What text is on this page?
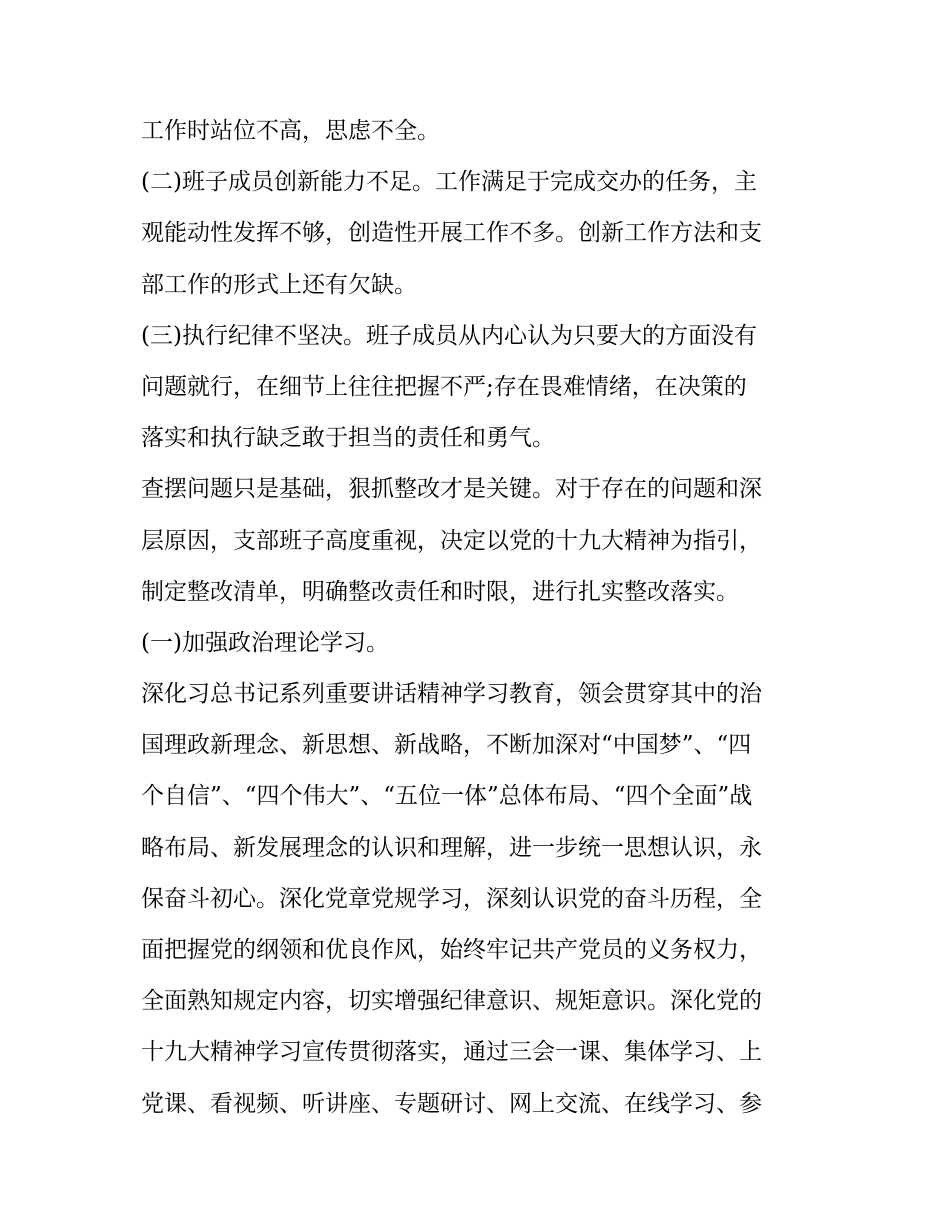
工作时站位不高，思虑不全。
(二)班子成员创新能力不足。工作满足于完成交办的任务，主
观能动性发挥不够，创造性开展工作不多。创新工作方法和支
部工作的形式上还有欠缺。
(三)执行纪律不坚决。班子成员从内心认为只要大的方面没有
问题就行，在细节上往往把握不严;存在畏难情绪，在决策的
落实和执行缺乏敢于担当的责任和勇气。
查摆问题只是基础，狠抓整改才是关键。对于存在的问题和深
层原因，支部班子高度重视，决定以党的十九大精神为指引，
制定整改清单，明确整改责任和时限，进行扎实整改落实。
(一)加强政治理论学习。
深化习总书记系列重要讲话精神学习教育，领会贯穿其中的治
国理政新理念、新思想、新战略，不断加深对“中国梦”、“四
个自信”、“四个伟大”、“五位一体”总体布局、“四个全面”战
略布局、新发展理念的认识和理解，进一步统一思想认识，永
保奋斗初心。深化党章党规学习，深刻认识党的奋斗历程，全
面把握党的纲领和优良作风，始终牢记共产党员的义务权力，
全面熟知规定内容，切实增强纪律意识、规矩意识。深化党的
十九大精神学习宣传贯彻落实，通过三会一课、集体学习、上
党课、看视频、听讲座、专题研讨、网上交流、在线学习、参
